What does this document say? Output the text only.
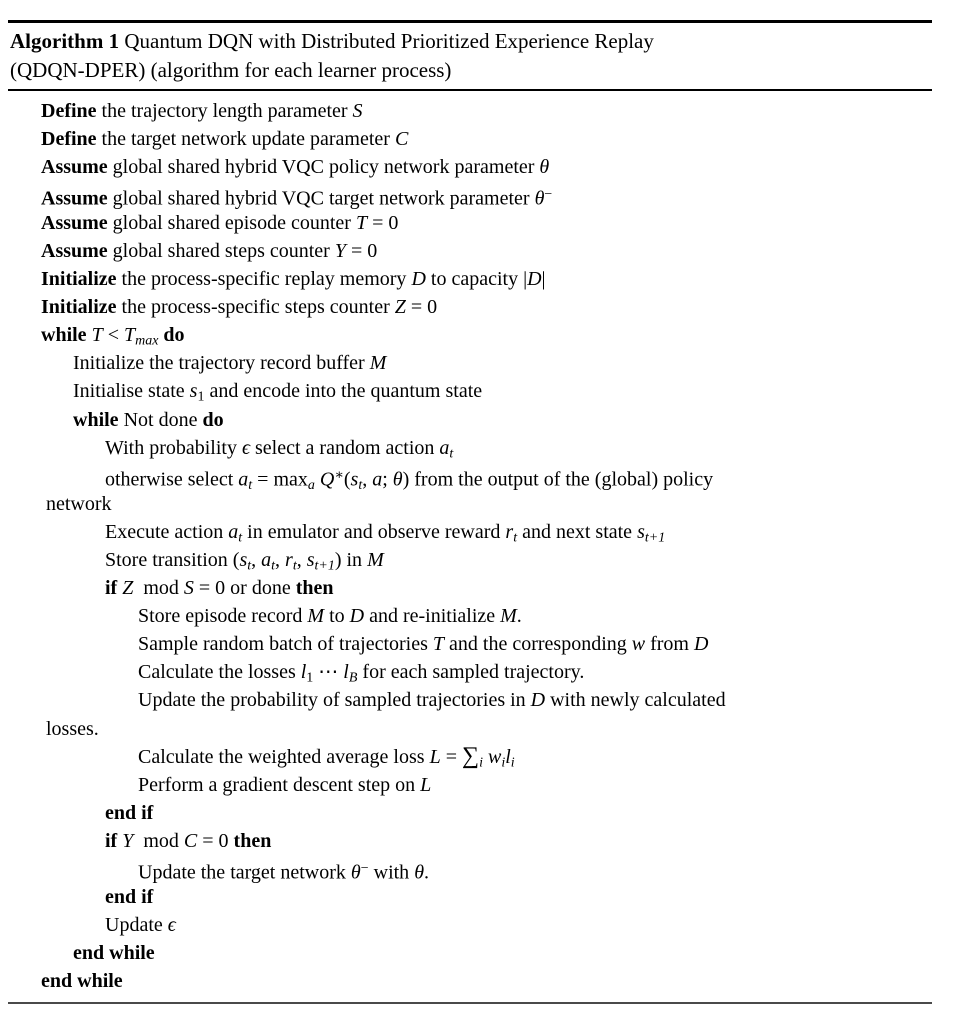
Algorithm 1 Quantum DQN with Distributed Prioritized Experience Replay
(QDQN-DPER) (algorithm for each learner process)
Define the trajectory length parameter S
Define the target network update parameter C
Assume global shared hybrid VQC policy network parameter θ
Assume global shared hybrid VQC target network parameter θ−
Assume global shared episode counter T = 0
Assume global shared steps counter Y = 0
Initialize the process-specific replay memory D to capacity |D|
Initialize the process-specific steps counter Z = 0
while $T < T_{max}$ do
Initialize the trajectory record buffer M
Initialise state $s_1$ and encode into the quantum state
while Not done do
With probability ϵ select a random action $a_t$
otherwise select $a_t = \max_a Q^∗(s_t$, a; θ) from the output of the (global) policy
network
Execute action $a_t$ in emulator and observe reward $r_t$ and next state $s_{t+1}$
Store transition ($s_t$, $a_t$, $r_t$, $s_{t+1}$) in M
if Z  mod S = 0 or done then
Store episode record M to D and re-initialize M.
Sample random batch of trajectories T and the corresponding w from D
Calculate the losses $l_1$ ⋯ $l_B$ for each sampled trajectory.
Update the probability of sampled trajectories in D with newly calculated
losses.
Calculate the weighted average loss $L = \sum_i$ $w_il_i$
Perform a gradient descent step on L
end if
if Y  mod C = 0 then
Update the target network θ− with θ.
end if
Update ϵ
end while
end while
